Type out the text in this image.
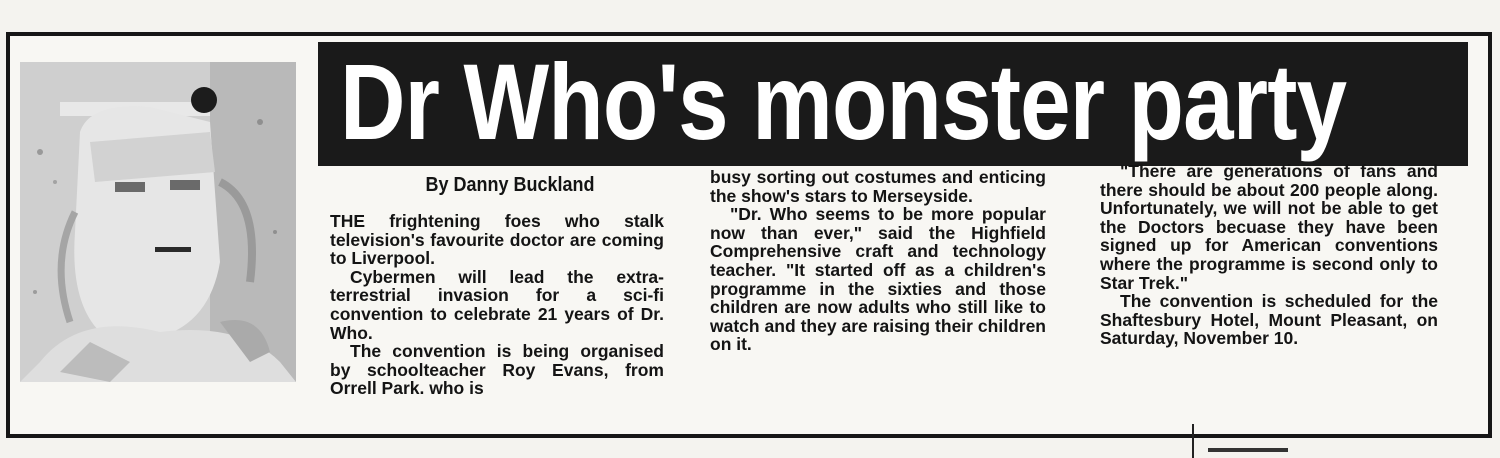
Dr Who's monster party
By Danny Buckland

THE frightening foes who stalk television's favourite doctor are coming to Liverpool.

Cybermen will lead the extra-terrestrial invasion for a sci-fi convention to celebrate 21 years of Dr. Who.

The convention is being organised by schoolteacher Roy Evans, from Orrell Park. who is

busy sorting out costumes and enticing the show's stars to Merseyside.

"Dr. Who seems to be more popular now than ever," said the Highfield Comprehensive craft and technology teacher. "It started off as a children's programme in the sixties and those children are now adults who still like to watch and they are raising their children on it.

"There are generations of fans and there should be about 200 people along. Unfortunately, we will not be able to get the Doctors becuase they have been signed up for American conventions where the programme is second only to Star Trek."

The convention is scheduled for the Shaftesbury Hotel, Mount Pleasant, on Saturday, November 10.
